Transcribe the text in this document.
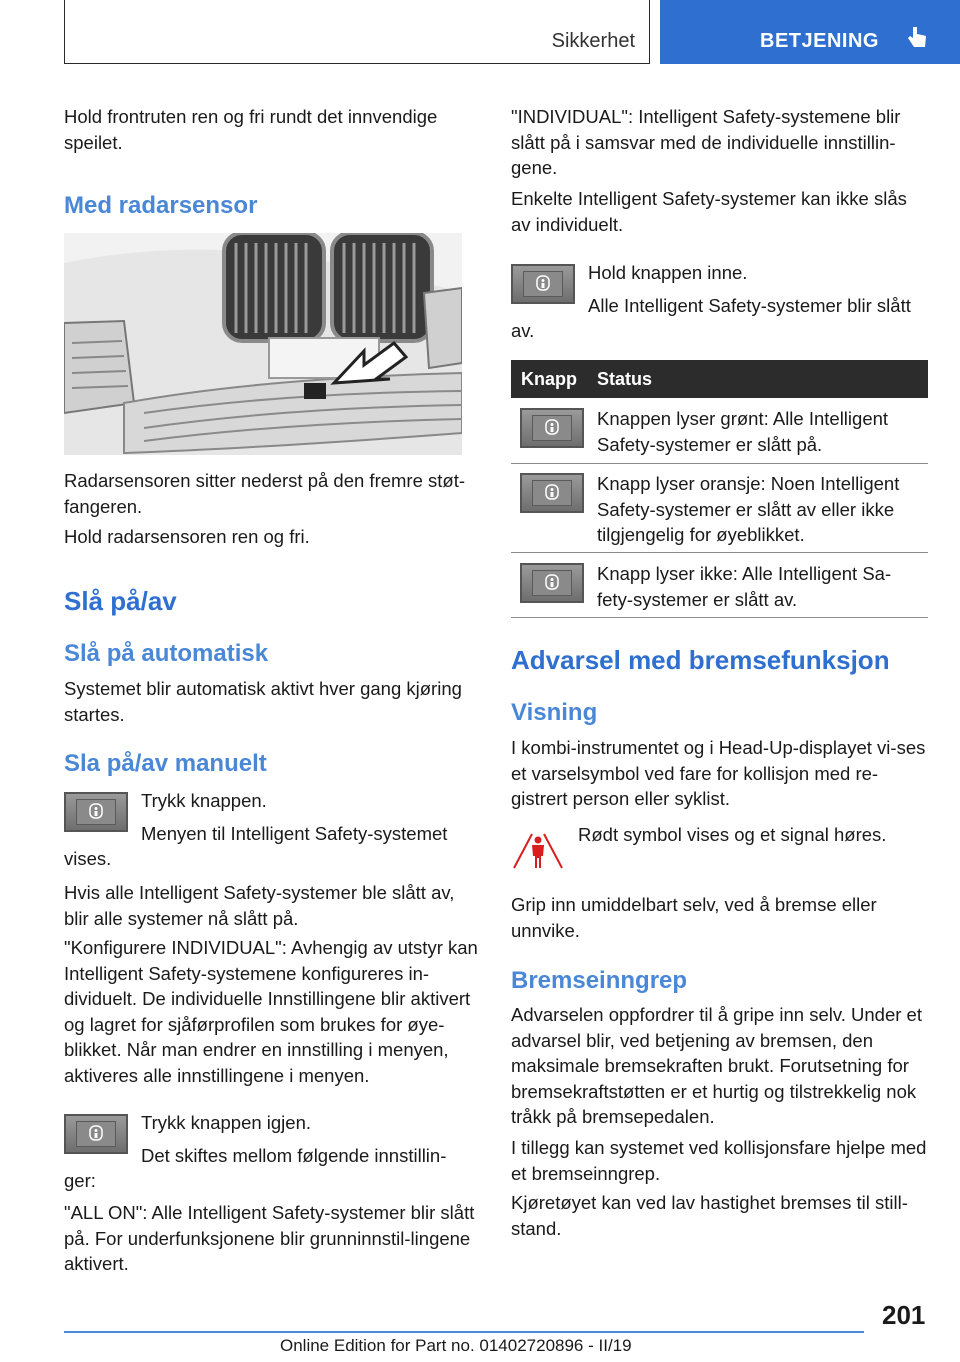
Sikkerhet	BETJENING
Hold frontruten ren og fri rundt det innvendige speilet.
Med radarsensor
Radarsensoren sitter nederst på den fremre støt-fangeren.
Hold radarsensoren ren og fri.
Slå på/av
Slå på automatisk
Systemet blir automatisk aktivt hver gang kjøring startes.
Sla på/av manuelt
Trykk knappen.
Menyen til Intelligent Safety-systemet
vises.
Hvis alle Intelligent Safety-systemer ble slått av, blir alle systemer nå slått på.
"Konfigurere INDIVIDUAL": Avhengig av utstyr kan Intelligent Safety-systemene konfigureres in-dividuelt. De individuelle Innstillingene blir aktivert og lagret for sjåførprofilen som brukes for øye-blikket. Når man endrer en innstilling i menyen, aktiveres alle innstillingene i menyen.
Trykk knappen igjen.
Det skiftes mellom følgende innstillin-
ger:
"ALL ON": Alle Intelligent Safety-systemer blir slått på. For underfunksjonene blir grunninnstil-lingene aktivert.
"INDIVIDUAL": Intelligent Safety-systemene blir slått på i samsvar med de individuelle innstillin-gene.
Enkelte Intelligent Safety-systemer kan ikke slås av individuelt.
Hold knappen inne.
Alle Intelligent Safety-systemer blir slått
av.
Knapp Status
Knappen lyser grønt: Alle Intelligent Safety-systemer er slått på.
Knapp lyser oransje: Noen Intelligent Safety-systemer er slått av eller ikke tilgjengelig for øyeblikket.
Knapp lyser ikke: Alle Intelligent Sa-fety-systemer er slått av.
Advarsel med bremsefunksjon
Visning
I kombi-instrumentet og i Head-Up-displayet vi-ses et varselsymbol ved fare for kollisjon med re-gistrert person eller syklist.
Rødt symbol vises og et signal høres.
Grip inn umiddelbart selv, ved å bremse eller unnvike.
Bremseinngrep
Advarselen oppfordrer til å gripe inn selv. Under et advarsel blir, ved betjening av bremsen, den maksimale bremsekraften brukt. Forutsetning for bremsekraftstøtten er et hurtig og tilstrekkelig nok tråkk på bremsepedalen.
I tillegg kan systemet ved kollisjonsfare hjelpe med et bremseinngrep.
Kjøretøyet kan ved lav hastighet bremses til still-stand.
201
Online Edition for Part no. 01402720896 - II/19
